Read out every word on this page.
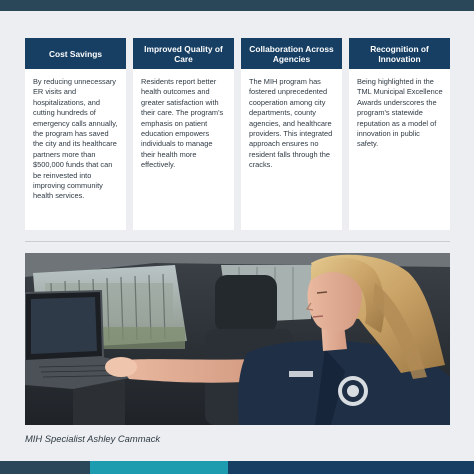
Cost Savings
By reducing unnecessary ER visits and hospitalizations, and cutting hundreds of emergency calls annually, the program has saved the city and its healthcare partners more than $500,000 funds that can be reinvested into improving community health services.
Improved Quality of Care
Residents report better health outcomes and greater satisfaction with their care. The program's emphasis on patient education empowers individuals to manage their health more effectively.
Collaboration Across Agencies
The MIH program has fostered unprecedented cooperation among city departments, county agencies, and healthcare providers. This integrated approach ensures no resident falls through the cracks.
Recognition of Innovation
Being highlighted in the TML Municipal Excellence Awards underscores the program's statewide reputation as a model of innovation in public safety.
MIH Specialist Ashley Cammack
